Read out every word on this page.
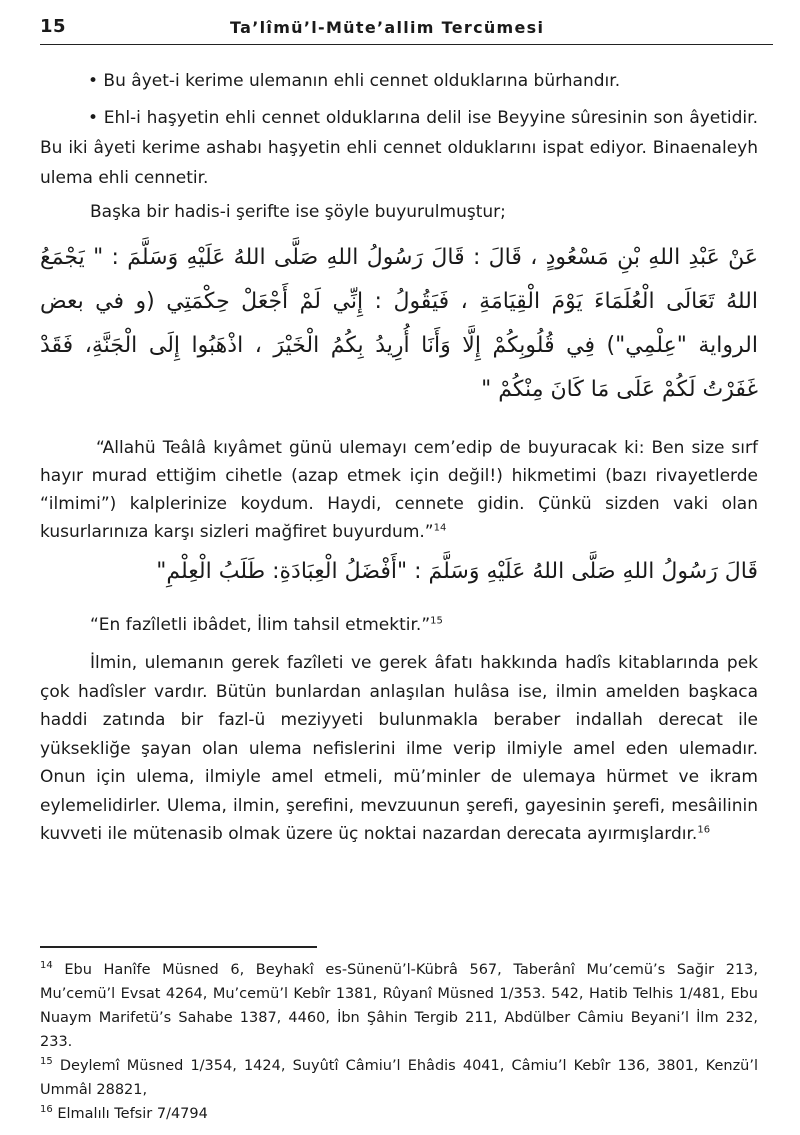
15	Ta’lîmü’l-Müte’allim Tercümesi

• Bu âyet-i kerime ulemanın ehli cennet olduklarına bürhandır.

• Ehl-i haşyetin ehli cennet olduklarına delil ise Beyyine sûresinin son âyetidir. Bu iki âyeti kerime ashabı haşyetin ehli cennet olduklarını ispat ediyor. Binaenaleyh ulema ehli cennetir.

Başka bir hadis-i şerifte ise şöyle buyurulmuştur;

عَنْ عَبْدِ اللهِ بْنِ مَسْعُودٍ ، قَالَ : قَالَ رَسُولُ اللهِ صَلَّى اللهُ عَلَيْهِ وَسَلَّمَ : " يَجْمَعُ اللهُ تَعَالَى الْعُلَمَاءَ يَوْمَ الْقِيَامَةِ ، فَيَقُولُ : إِنِّي لَمْ أَجْعَلْ حِكْمَتِي (و في بعض الرواية "عِلْمِي") فِي قُلُوبِكُمْ إِلَّا وَأَنَا أُرِيدُ بِكُمُ الْخَيْرَ ، اذْهَبُوا إِلَى الْجَنَّةِ، فَقَدْ غَفَرْتُ لَكُمْ عَلَى مَا كَانَ مِنْكُمْ "

“Allahü Teâlâ kıyâmet günü ulemayı cem’edip de buyuracak ki: Ben size sırf hayır murad ettiğim cihetle (azap etmek için değil!) hikmetimi (bazı rivayetlerde “ilmimi”) kalplerinize koydum. Haydi, cennete gidin. Çünkü sizden vaki olan kusurlarınıza karşı sizleri mağfiret buyurdum.”$^{14}$

قَالَ رَسُولُ اللهِ صَلَّى اللهُ عَلَيْهِ وَسَلَّمَ : "أَفْضَلُ الْعِبَادَةِ: طَلَبُ الْعِلْمِ"

“En fazîletli ibâdet, İlim tahsil etmektir.”$^{15}$

İlmin, ulemanın gerek fazîleti ve gerek âfatı hakkında hadîs kitablarında pek çok hadîsler vardır. Bütün bunlardan anlaşılan hulâsa ise, ilmin amelden başkaca haddi zatında bir fazl-ü meziyyeti bulunmakla beraber indallah derecat ile yüksekliğe şayan olan ulema nefislerini ilme verip ilmiyle amel eden ulemadır. Onun için ulema, ilmiyle amel etmeli, mü’minler de ulemaya hürmet ve ikram eylemelidirler. Ulema, ilmin, şerefini, mevzuunun şerefi, gayesinin şerefi, mesâilinin kuvveti ile mütenasib olmak üzere üç noktai nazardan derecata ayırmışlardır.$^{16}$

$^{14}$ Ebu Hanîfe Müsned 6, Beyhakî es-Sünenü’l-Kübrâ 567, Taberânî Mu’cemü’s Sağir 213, Mu’cemü’l Evsat 4264, Mu’cemü’l Kebîr 1381, Rûyanî Müsned 1/353. 542, Hatib Telhis 1/481, Ebu Nuaym Marifetü’s Sahabe 1387, 4460, İbn Şâhin Tergib 211, Abdülber Câmiu Beyani’l İlm 232, 233.

$^{15}$ Deylemî Müsned 1/354, 1424, Suyûtî Câmiu’l Ehâdis 4041, Câmiu’l Kebîr 136, 3801, Kenzü’l Ummâl 28821,

$^{16}$ Elmalılı Tefsir 7/4794
